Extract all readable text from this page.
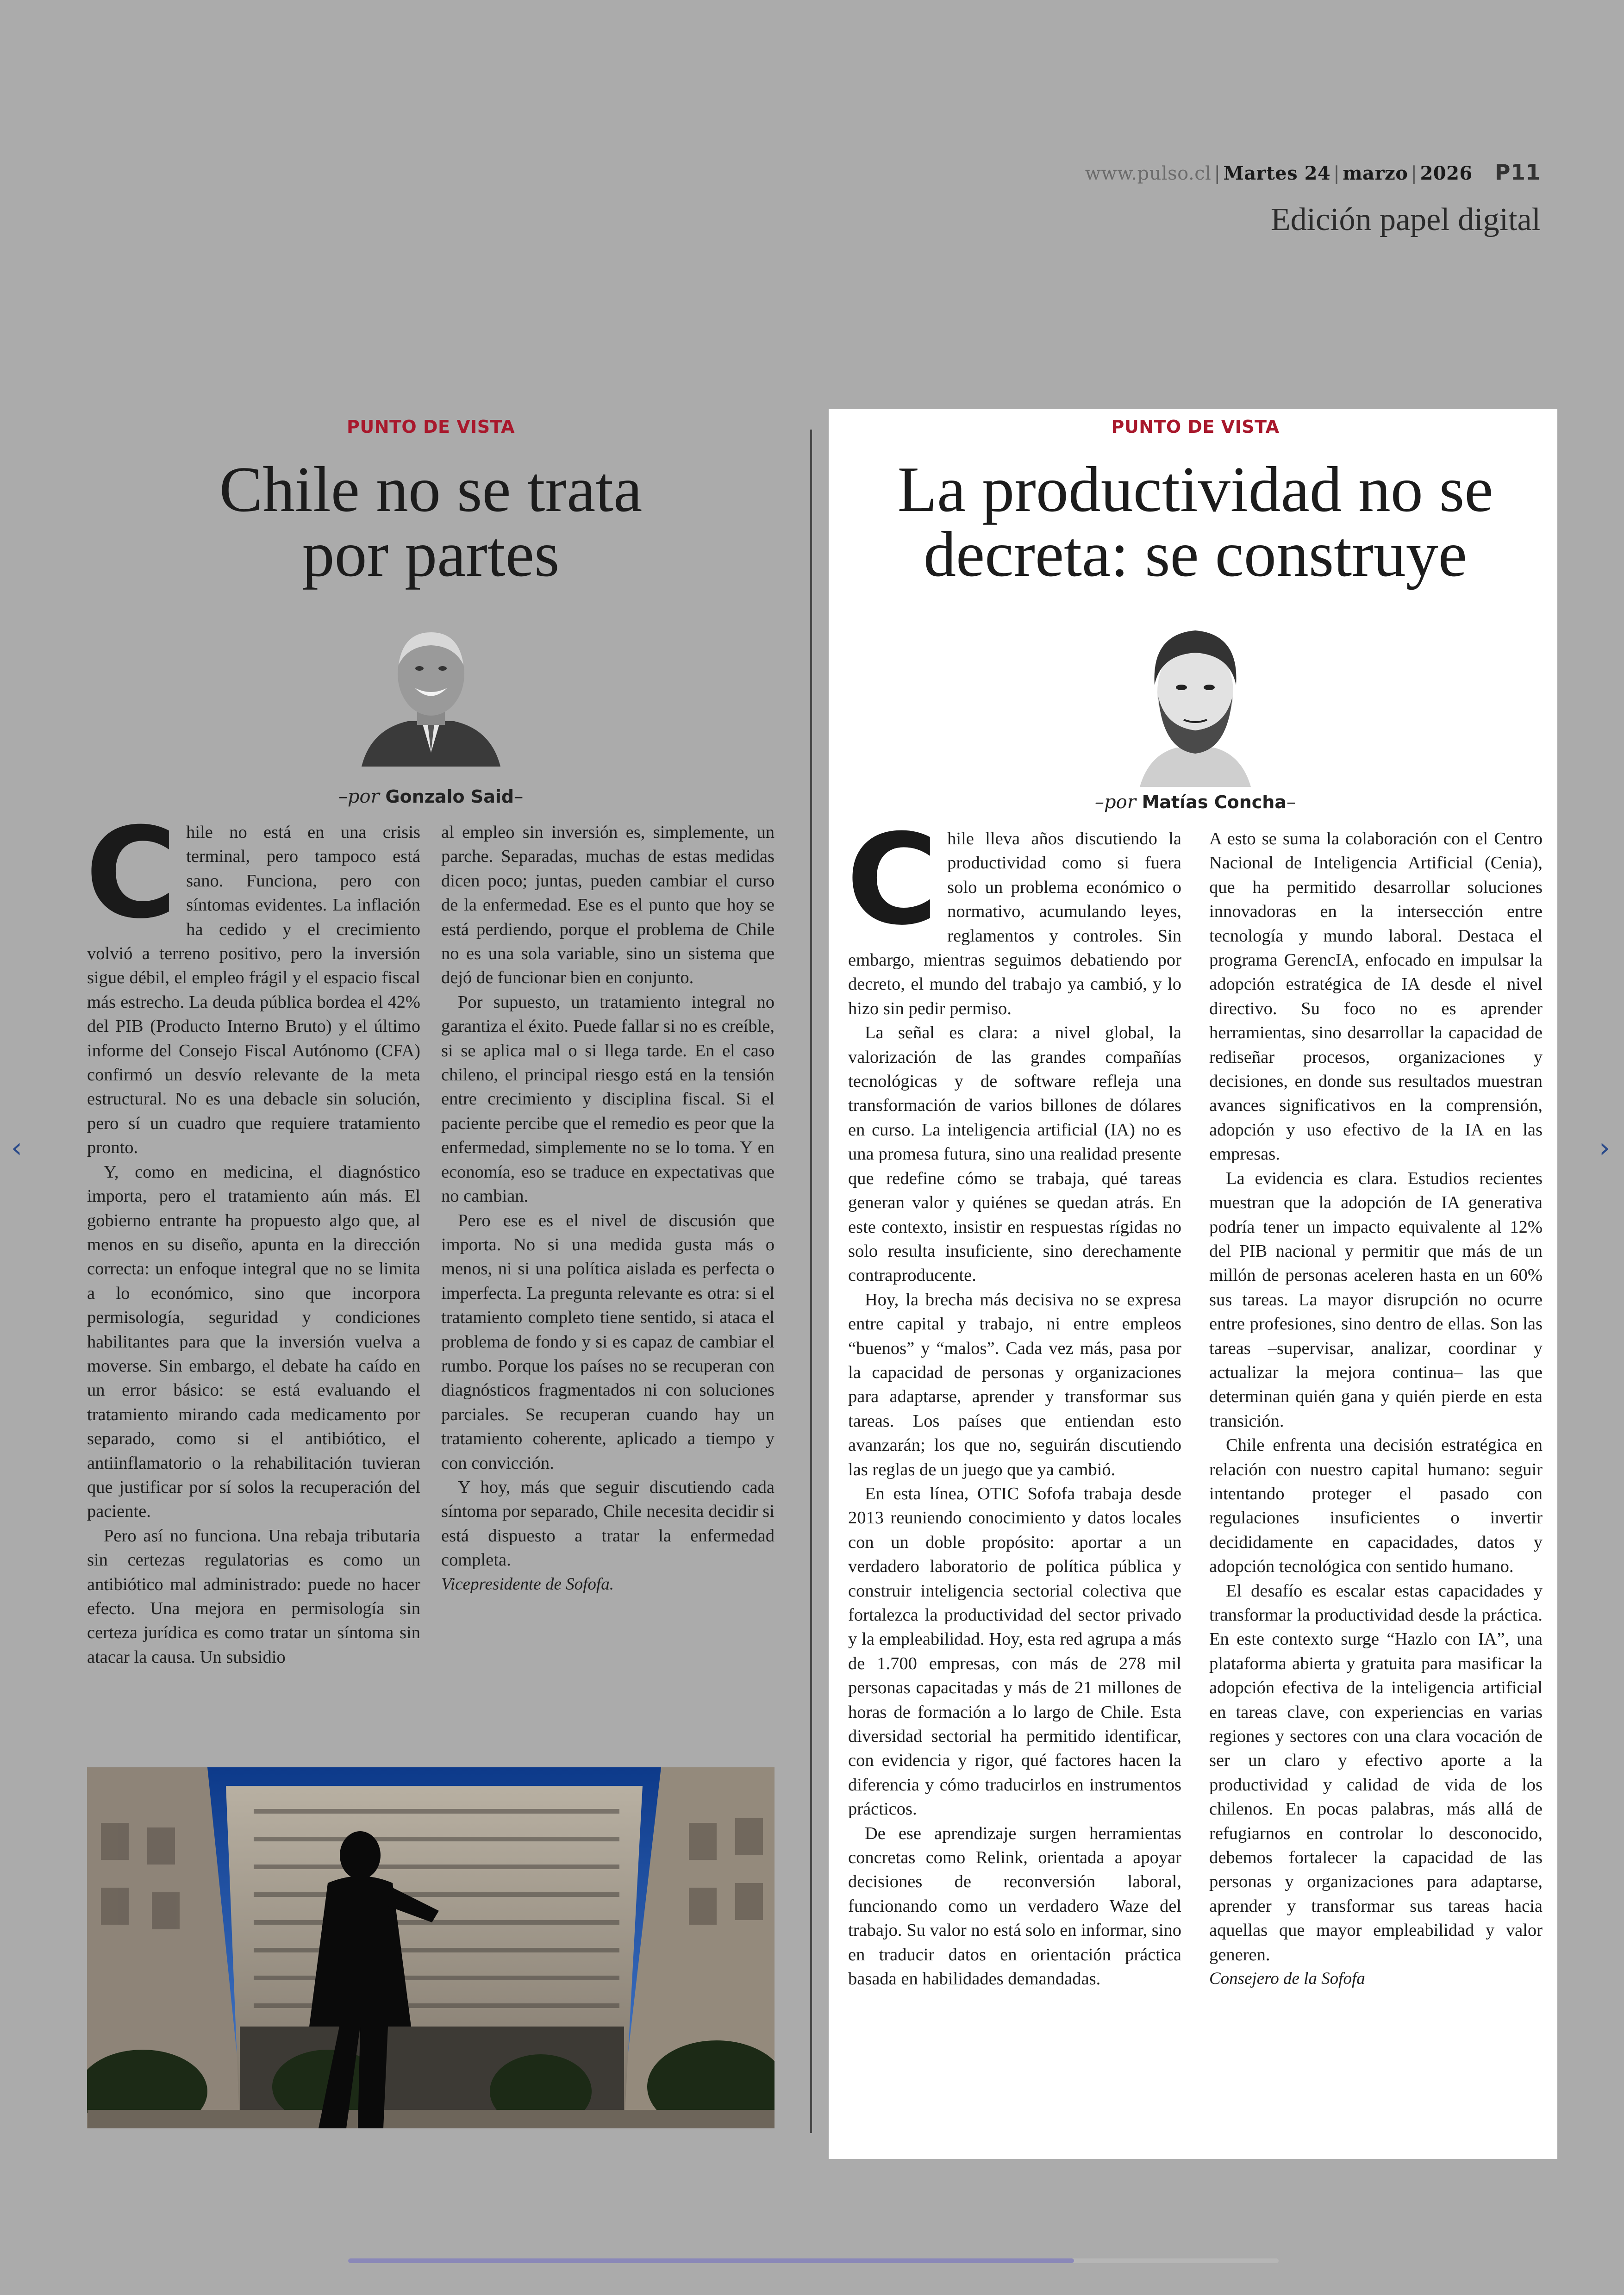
www.pulso.cl | Martes 24 | marzo | 2026 P11
Edición papel digital
‹	›
PUNTO DE VISTA
Chile no se trata
por partes
–por Gonzalo Said–

Chile no está en una crisis terminal, pero tampoco está sano. Funciona, pero con síntomas evidentes. La inflación ha cedido y el crecimiento volvió a terreno positivo, pero la inversión sigue débil, el empleo frágil y el espacio fiscal más estrecho. La deuda pública bordea el 42% del PIB (Producto Interno Bruto) y el último informe del Consejo Fiscal Autónomo (CFA) confirmó un desvío relevante de la meta estructural. No es una debacle sin solución, pero sí un cuadro que requiere tratamiento pronto.

Y, como en medicina, el diagnóstico importa, pero el tratamiento aún más. El gobierno entrante ha propuesto algo que, al menos en su diseño, apunta en la dirección correcta: un enfoque integral que no se limita a lo económico, sino que incorpora permisología, seguridad y condiciones habilitantes para que la inversión vuelva a moverse. Sin embargo, el debate ha caído en un error básico: se está evaluando el tratamiento mirando cada medicamento por separado, como si el antibiótico, el antiinflamatorio o la rehabilitación tuvieran que justificar por sí solos la recuperación del paciente.

Pero así no funciona. Una rebaja tributaria sin certezas regulatorias es como un antibiótico mal administrado: puede no hacer efecto. Una mejora en permisología sin certeza jurídica es como tratar un síntoma sin atacar la causa. Un subsidio

al empleo sin inversión es, simplemente, un parche. Separadas, muchas de estas medidas dicen poco; juntas, pueden cambiar el curso de la enfermedad. Ese es el punto que hoy se está perdiendo, porque el problema de Chile no es una sola variable, sino un sistema que dejó de funcionar bien en conjunto.

Por supuesto, un tratamiento integral no garantiza el éxito. Puede fallar si no es creíble, si se aplica mal o si llega tarde. En el caso chileno, el principal riesgo está en la tensión entre crecimiento y disciplina fiscal. Si el paciente percibe que el remedio es peor que la enfermedad, simplemente no se lo toma. Y en economía, eso se traduce en expectativas que no cambian.

Pero ese es el nivel de discusión que importa. No si una medida gusta más o menos, ni si una política aislada es perfecta o imperfecta. La pregunta relevante es otra: si el tratamiento completo tiene sentido, si ataca el problema de fondo y si es capaz de cambiar el rumbo. Porque los países no se recuperan con diagnósticos fragmentados ni con soluciones parciales. Se recuperan cuando hay un tratamiento coherente, aplicado a tiempo y con convicción.

Y hoy, más que seguir discutiendo cada síntoma por separado, Chile necesita decidir si está dispuesto a tratar la enfermedad completa.

Vicepresidente de Sofofa.

PUNTO DE VISTA
La productividad no se
decreta: se construye
–por Matías Concha–

Chile lleva años discutiendo la productividad como si fuera solo un problema económico o normativo, acumulando leyes, reglamentos y controles. Sin embargo, mientras seguimos debatiendo por decreto, el mundo del trabajo ya cambió, y lo hizo sin pedir permiso.

La señal es clara: a nivel global, la valorización de las grandes compañías tecnológicas y de software refleja una transformación de varios billones de dólares en curso. La inteligencia artificial (IA) no es una promesa futura, sino una realidad presente que redefine cómo se trabaja, qué tareas generan valor y quiénes se quedan atrás. En este contexto, insistir en respuestas rígidas no solo resulta insuficiente, sino derechamente contraproducente.

Hoy, la brecha más decisiva no se expresa entre capital y trabajo, ni entre empleos “buenos” y “malos”. Cada vez más, pasa por la capacidad de personas y organizaciones para adaptarse, aprender y transformar sus tareas. Los países que entiendan esto avanzarán; los que no, seguirán discutiendo las reglas de un juego que ya cambió.

En esta línea, OTIC Sofofa trabaja desde 2013 reuniendo conocimiento y datos locales con un doble propósito: aportar a un verdadero laboratorio de política pública y construir inteligencia sectorial colectiva que fortalezca la productividad del sector privado y la empleabilidad. Hoy, esta red agrupa a más de 1.700 empresas, con más de 278 mil personas capacitadas y más de 21 millones de horas de formación a lo largo de Chile. Esta diversidad sectorial ha permitido identificar, con evidencia y rigor, qué factores hacen la diferencia y cómo traducirlos en instrumentos prácticos.

De ese aprendizaje surgen herramientas concretas como Relink, orientada a apoyar decisiones de reconversión laboral, funcionando como un verdadero Waze del trabajo. Su valor no está solo en informar, sino en traducir datos en orientación práctica basada en habilidades demandadas.

A esto se suma la colaboración con el Centro Nacional de Inteligencia Artificial (Cenia), que ha permitido desarrollar soluciones innovadoras en la intersección entre tecnología y mundo laboral. Destaca el programa GerencIA, enfocado en impulsar la adopción estratégica de IA desde el nivel directivo. Su foco no es aprender herramientas, sino desarrollar la capacidad de rediseñar procesos, organizaciones y decisiones, en donde sus resultados muestran avances significativos en la comprensión, adopción y uso efectivo de la IA en las empresas.

La evidencia es clara. Estudios recientes muestran que la adopción de IA generativa podría tener un impacto equivalente al 12% del PIB nacional y permitir que más de un millón de personas aceleren hasta en un 60% sus tareas. La mayor disrupción no ocurre entre profesiones, sino dentro de ellas. Son las tareas –supervisar, analizar, coordinar y actualizar la mejora continua– las que determinan quién gana y quién pierde en esta transición.

Chile enfrenta una decisión estratégica en relación con nuestro capital humano: seguir intentando proteger el pasado con regulaciones insuficientes o invertir decididamente en capacidades, datos y adopción tecnológica con sentido humano.

El desafío es escalar estas capacidades y transformar la productividad desde la práctica. En este contexto surge “Hazlo con IA”, una plataforma abierta y gratuita para masificar la adopción efectiva de la inteligencia artificial en tareas clave, con experiencias en varias regiones y sectores con una clara vocación de ser un claro y efectivo aporte a la productividad y calidad de vida de los chilenos. En pocas palabras, más allá de refugiarnos en controlar lo desconocido, debemos fortalecer la capacidad de las personas y organizaciones para adaptarse, aprender y transformar sus tareas hacia aquellas que mayor empleabilidad y valor generen.

Consejero de la Sofofa
